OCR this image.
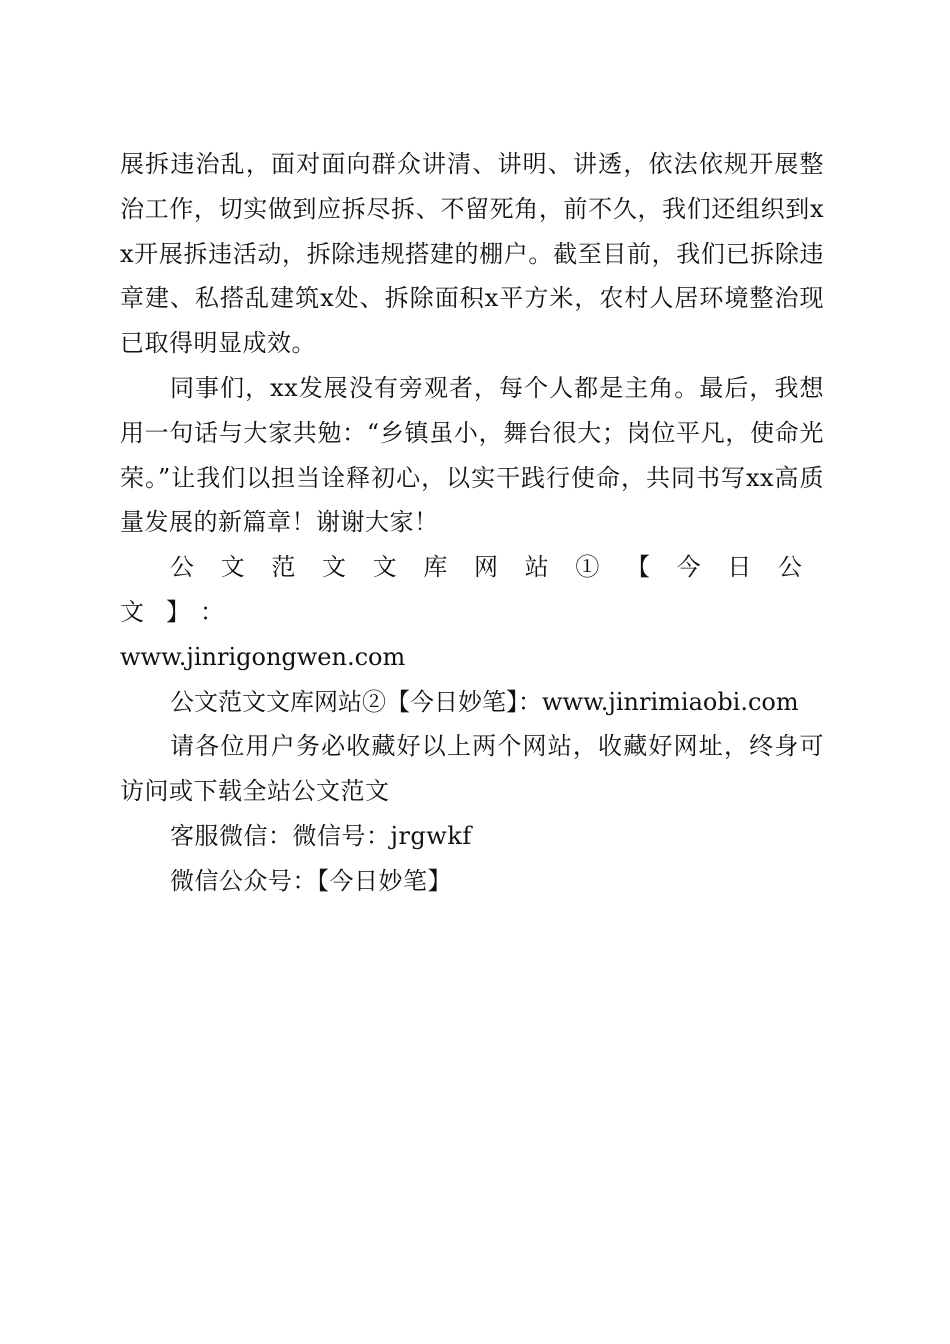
展拆违治乱，面对面向群众讲清、讲明、讲透，依法依规开展整治工作，切实做到应拆尽拆、不留死角，前不久，我们还组织到xx开展拆违活动，拆除违规搭建的棚户。截至目前，我们已拆除违章建、私搭乱建筑x处、拆除面积x平方米，农村人居环境整治现已取得明显成效。

同事们，xx发展没有旁观者，每个人都是主角。最后，我想用一句话与大家共勉：“乡镇虽小，舞台很大；岗位平凡，使命光荣。”让我们以担当诠释初心，以实干践行使命，共同书写xx高质量发展的新篇章！谢谢大家！

公文范文文库网站①【今日公文】：

www.jinrigongwen.com

公文范文文库网站②【今日妙笔】：www.jinrimiaobi.com

请各位用户务必收藏好以上两个网站，收藏好网址，终身可访问或下载全站公文范文

客服微信：微信号：jrgwkf

微信公众号：【今日妙笔】
